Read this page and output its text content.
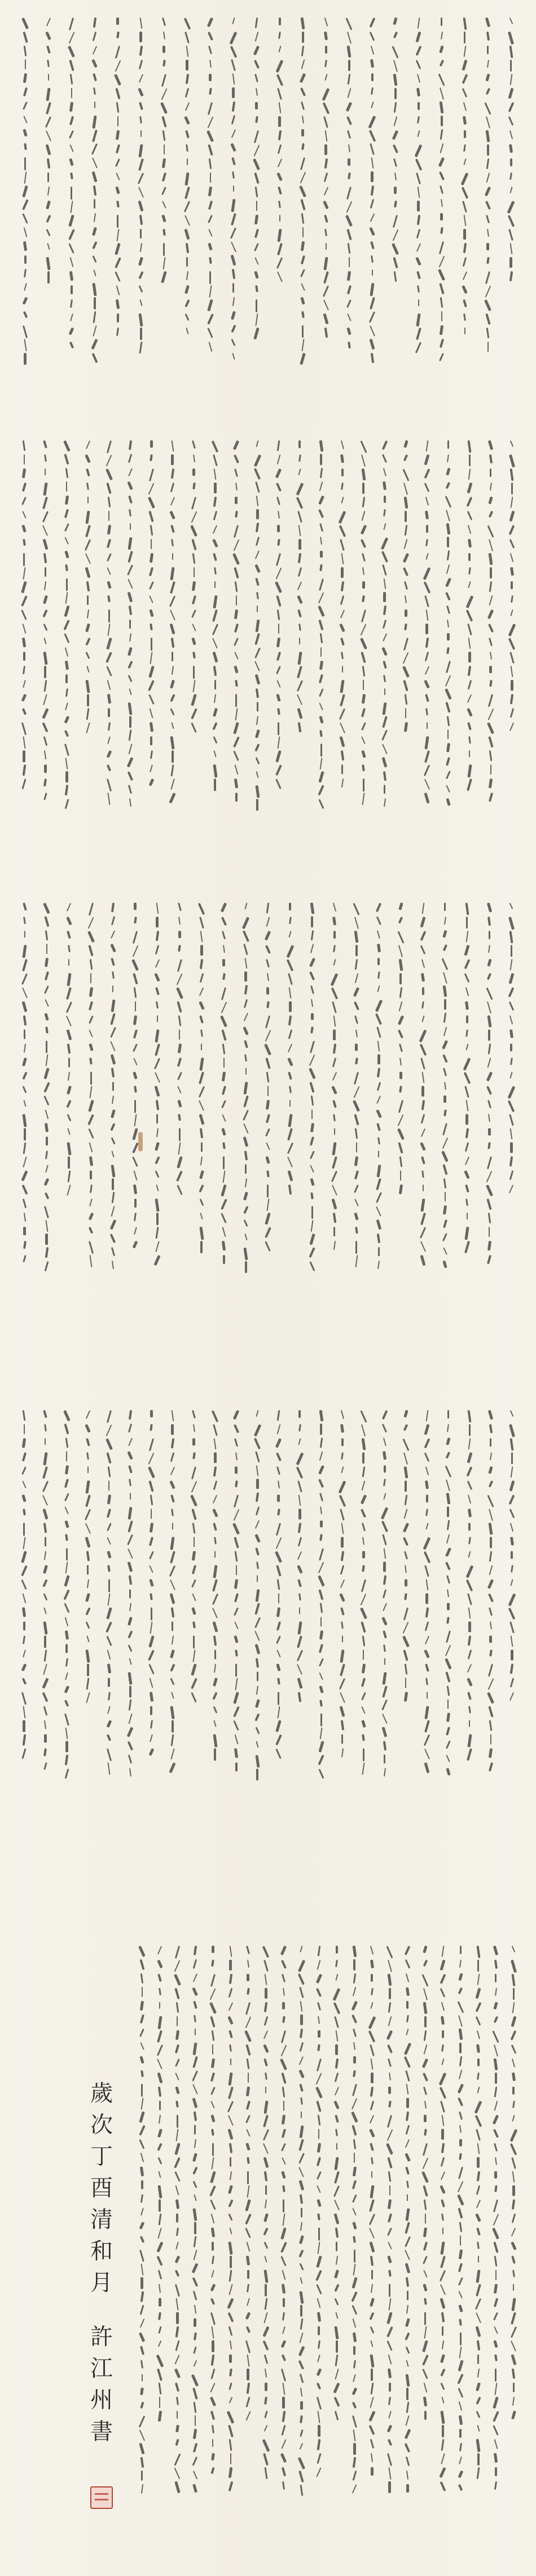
歲
次
丁
酉
清
和
月
許
江
州
書
